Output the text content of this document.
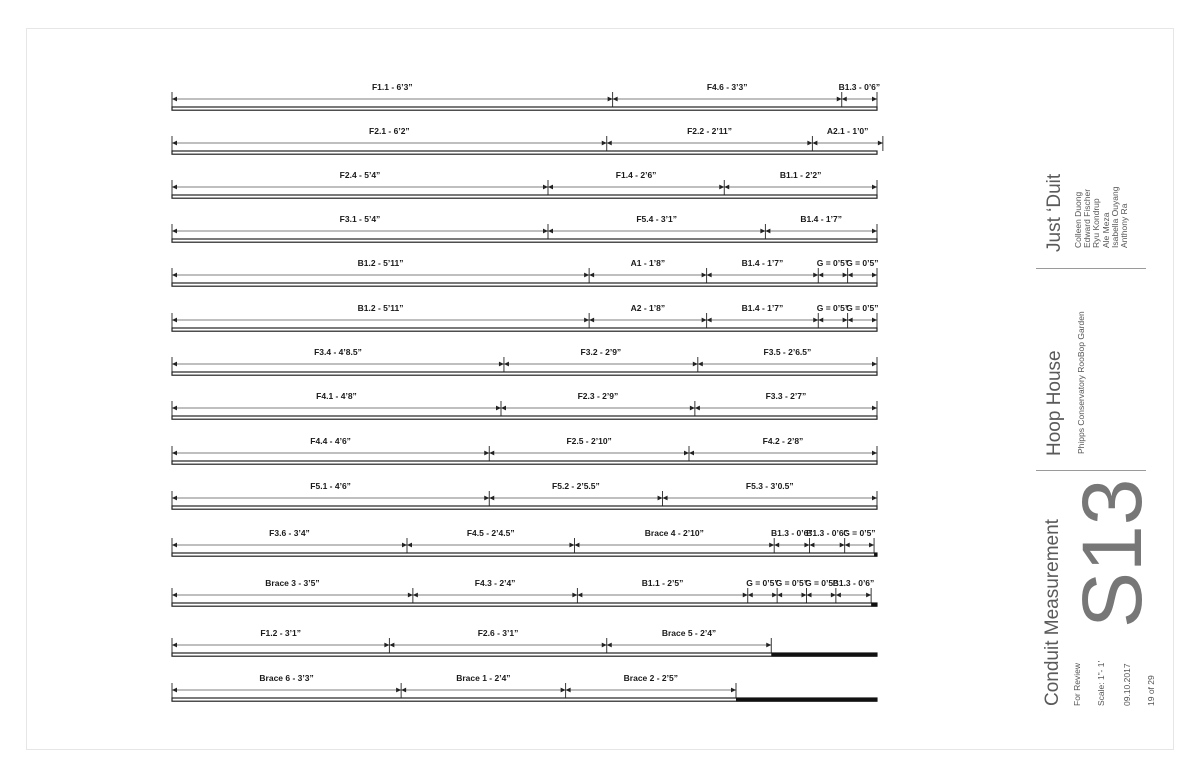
F1.1 - 6’3”	F4.6 - 3’3”	B1.3 - 0’6”
F2.1 - 6’2”	F2.2 - 2’11”	A2.1 - 1’0”
F2.4 - 5’4”	F1.4 - 2’6”	B1.1 - 2’2”
F3.1 - 5’4”	F5.4 - 3’1”	B1.4 - 1’7”
B1.2 - 5’11”	A1 - 1’8”	B1.4 - 1’7”	G = 0’5”
G = 0’5”
B1.2 - 5’11”	A2 - 1’8”	B1.4 - 1’7”	G = 0’5”
G = 0’5”
F3.4 - 4’8.5”	F3.2 - 2’9”	F3.5 - 2’6.5”
F4.1 - 4’8”	F2.3 - 2’9”	F3.3 - 2’7”
F4.4 - 4’6”	F2.5 - 2’10”	F4.2 - 2’8”
F5.1 - 4’6”	F5.2 - 2’5.5”	F5.3 - 3’0.5”
F3.6 - 3’4”	F4.5 - 2’4.5”	Brace 4 - 2’10”	B1.3 - 0’6”
B1.3 - 0’6”
G = 0’5”
Brace 3 - 3’5”	F4.3 - 2’4”	B1.1 - 2’5”	G = 0’5”
G = 0’5”
G = 0’5”
B1.3 - 0’6”
F1.2 - 3’1”	F2.6 - 3’1”	Brace 5 - 2’4”
Brace 6 - 3’3”	Brace 1 - 2’4”	Brace 2 - 2’5”
Just ‘Duit Colleen Duong Edward Fischer Ryu Kondrup Ale Meza Isabella Ouyang Anthony Ra
Hoop House Phipps Conservatory RooBop Garden
Conduit Measurement S13
For Review Scale: 1”- 1’ 09.10.2017 19 of 29
